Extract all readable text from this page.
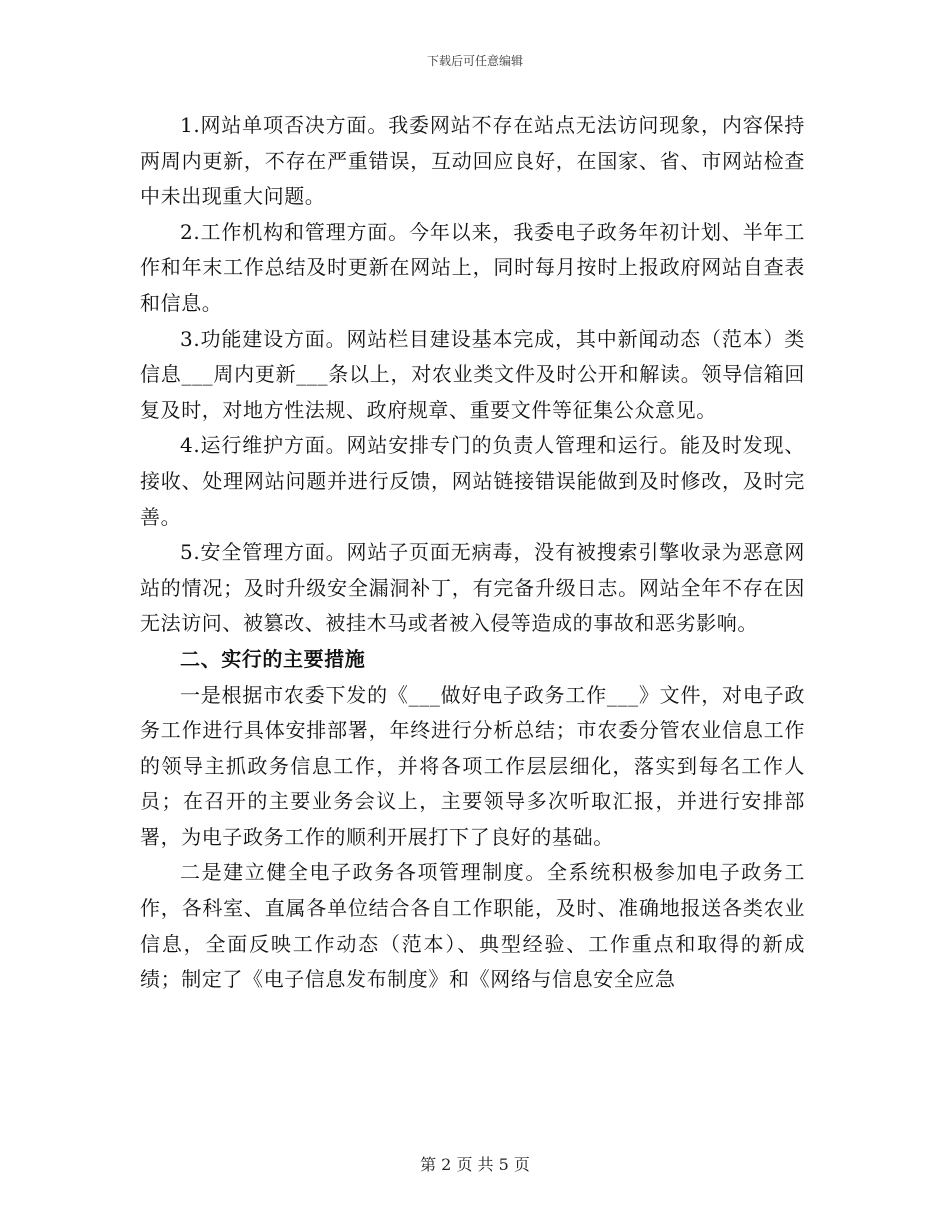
下载后可任意编辑

1.网站单项否决方面。我委网站不存在站点无法访问现象，内容保持两周内更新，不存在严重错误，互动回应良好，在国家、省、市网站检查中未出现重大问题。

2.工作机构和管理方面。今年以来，我委电子政务年初计划、半年工作和年末工作总结及时更新在网站上，同时每月按时上报政府网站自查表和信息。

3.功能建设方面。网站栏目建设基本完成，其中新闻动态（范本）类信息___周内更新___条以上，对农业类文件及时公开和解读。领导信箱回复及时，对地方性法规、政府规章、重要文件等征集公众意见。

4.运行维护方面。网站安排专门的负责人管理和运行。能及时发现、接收、处理网站问题并进行反馈，网站链接错误能做到及时修改，及时完善。

5.安全管理方面。网站子页面无病毒，没有被搜索引擎收录为恶意网站的情况；及时升级安全漏洞补丁，有完备升级日志。网站全年不存在因无法访问、被篡改、被挂木马或者被入侵等造成的事故和恶劣影响。

二、实行的主要措施

一是根据市农委下发的《___做好电子政务工作___》文件，对电子政务工作进行具体安排部署，年终进行分析总结；市农委分管农业信息工作的领导主抓政务信息工作，并将各项工作层层细化，落实到每名工作人员；在召开的主要业务会议上，主要领导多次听取汇报，并进行安排部署，为电子政务工作的顺利开展打下了良好的基础。

二是建立健全电子政务各项管理制度。全系统积极参加电子政务工作，各科室、直属各单位结合各自工作职能，及时、准确地报送各类农业信息，全面反映工作动态（范本）、典型经验、工作重点和取得的新成绩；制定了《电子信息发布制度》和《网络与信息安全应急

第 2 页 共 5 页
